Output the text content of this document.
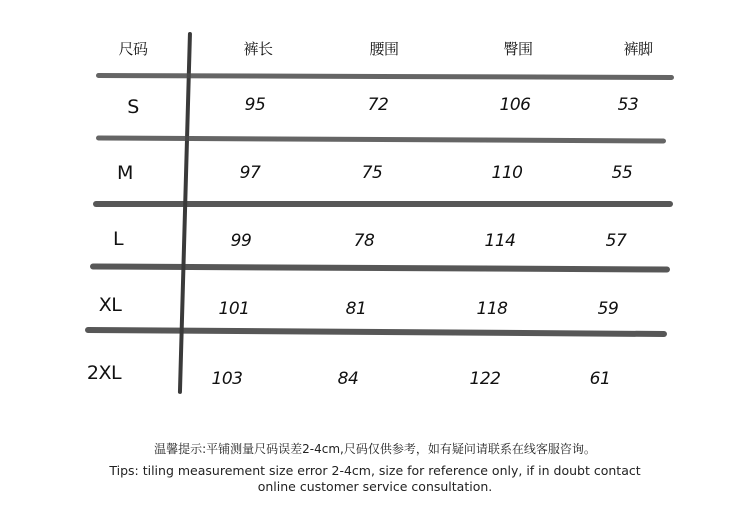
尺码	裤长	腰围	臀围	裤脚
S	95	72	106	53
M	97	75	110	55
L	99	78	114	57
XL	101	81	118	59
2XL	103	84	122	61
温馨提示:平铺测量尺码误差2-4cm,尺码仅供参考，如有疑问请联系在线客服咨询。
Tips: tiling measurement size error 2-4cm, size for reference only, if in doubt contact online customer service consultation.
